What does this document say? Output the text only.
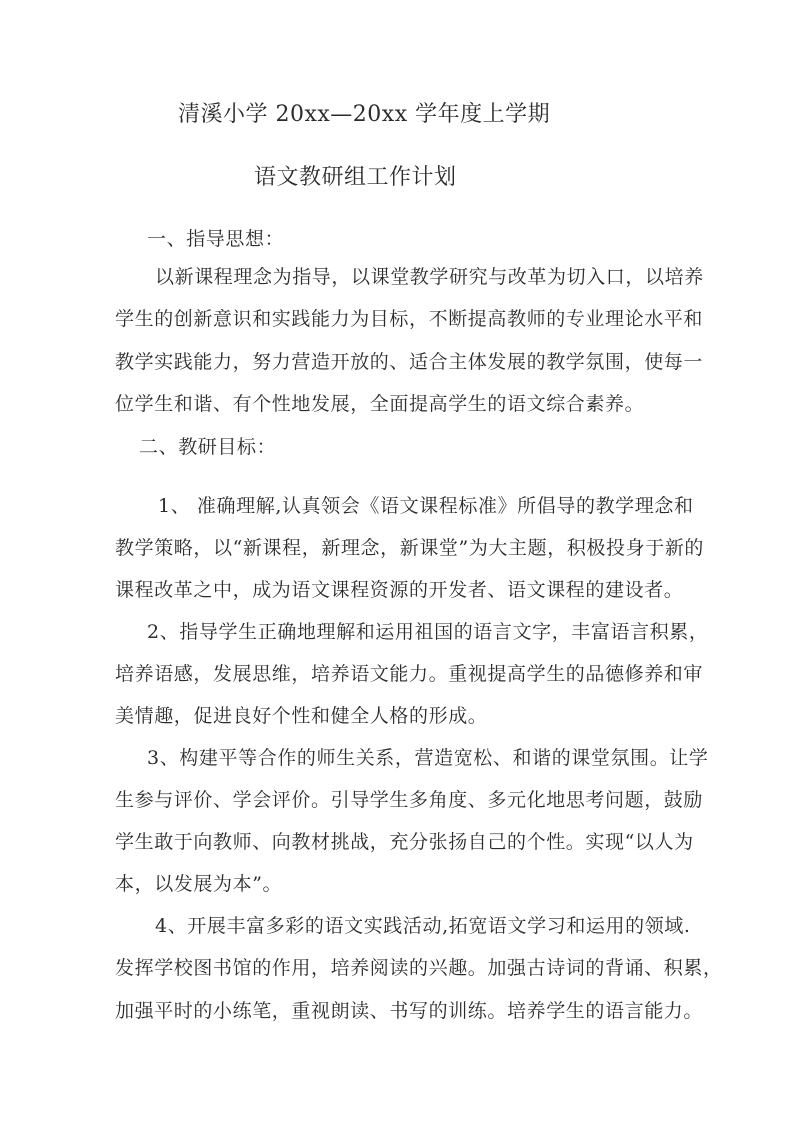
清溪小学 20xx—20xx 学年度上学期
语文教研组工作计划
一、指导思想：
以新课程理念为指导，以课堂教学研究与改革为切入口，以培养
学生的创新意识和实践能力为目标，不断提高教师的专业理论水平和
教学实践能力，努力营造开放的、适合主体发展的教学氛围，使每一
位学生和谐、有个性地发展，全面提高学生的语文综合素养。
二、教研目标：
1、 准确理解,认真领会《语文课程标准》所倡导的教学理念和
教学策略，以“新课程，新理念，新课堂”为大主题，积极投身于新的
课程改革之中，成为语文课程资源的开发者、语文课程的建设者。
2、指导学生正确地理解和运用祖国的语言文字，丰富语言积累，
培养语感，发展思维，培养语文能力。重视提高学生的品德修养和审
美情趣，促进良好个性和健全人格的形成。
3、构建平等合作的师生关系，营造宽松、和谐的课堂氛围。让学
生参与评价、学会评价。引导学生多角度、多元化地思考问题，鼓励
学生敢于向教师、向教材挑战，充分张扬自己的个性。实现“以人为
本，以发展为本”。
4、开展丰富多彩的语文实践活动,拓宽语文学习和运用的领域.
发挥学校图书馆的作用，培养阅读的兴趣。加强古诗词的背诵、积累，
加强平时的小练笔，重视朗读、书写的训练。培养学生的语言能力。
